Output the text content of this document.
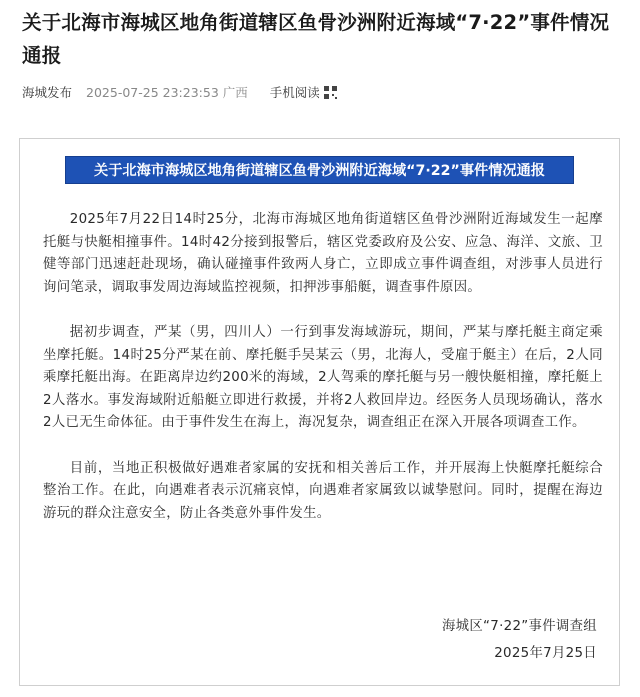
关于北海市海城区地角街道辖区鱼骨沙洲附近海域“7·22”事件情况通报
海城发布 2025-07-25 23:23:53 广西 手机阅读
关于北海市海城区地角街道辖区鱼骨沙洲附近海域“7·22”事件情况通报

2025年7月22日14时25分，北海市海城区地角街道辖区鱼骨沙洲附近海域发生一起摩托艇与快艇相撞事件。14时42分接到报警后，辖区党委政府及公安、应急、海洋、文旅、卫健等部门迅速赶赴现场，确认碰撞事件致两人身亡，立即成立事件调查组，对涉事人员进行询问笔录，调取事发周边海域监控视频，扣押涉事船艇，调查事件原因。

据初步调查，严某（男，四川人）一行到事发海域游玩，期间，严某与摩托艇主商定乘坐摩托艇。14时25分严某在前、摩托艇手吴某云（男，北海人，受雇于艇主）在后，2人同乘摩托艇出海。在距离岸边约200米的海域，2人驾乘的摩托艇与另一艘快艇相撞，摩托艇上2人落水。事发海域附近船艇立即进行救援，并将2人救回岸边。经医务人员现场确认，落水2人已无生命体征。由于事件发生在海上，海况复杂，调查组正在深入开展各项调查工作。

目前，当地正积极做好遇难者家属的安抚和相关善后工作，并开展海上快艇摩托艇综合整治工作。在此，向遇难者表示沉痛哀悼，向遇难者家属致以诚挚慰问。同时，提醒在海边游玩的群众注意安全，防止各类意外事件发生。

海城区“7·22”事件调查组
2025年7月25日
